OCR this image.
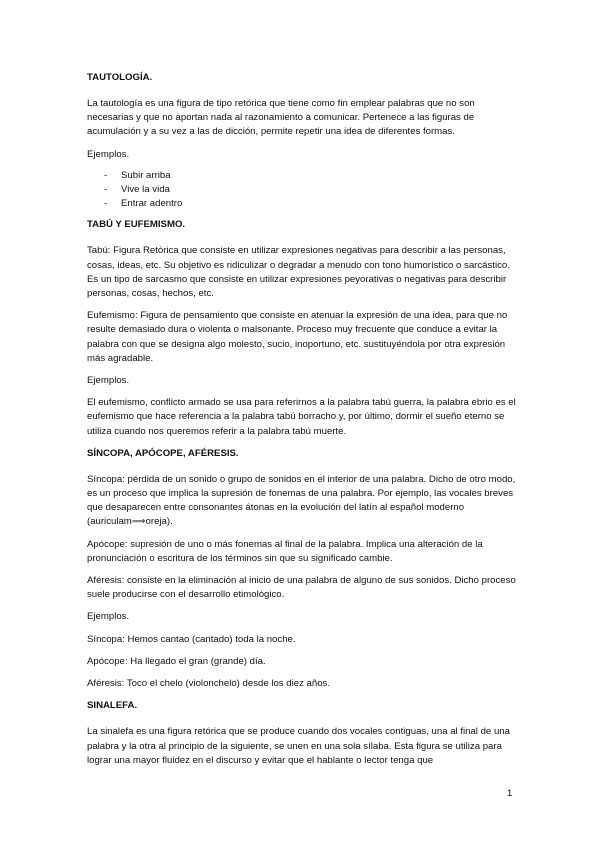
TAUTOLOGÍA.

La tautología es una figura de tipo retórica que tiene como fin emplear palabras que no son necesarias y que no aportan nada al razonamiento a comunicar. Pertenece a las figuras de acumulación y a su vez a las de dicción, permite repetir una idea de diferentes formas.

Ejemplos.

- Subir arriba
- Vive la vida
- Entrar adentro
TABÚ Y EUFEMISMO.

Tabú: Figura Retórica que consiste en utilizar expresiones negativas para describir a las personas, cosas, ideas, etc. Su objetivo es ridiculizar o degradar a menudo con tono humorístico o sarcástico. Es un tipo de sarcasmo que consiste en utilizar expresiones peyorativas o negativas para describir personas, cosas, hechos, etc.

Eufemismo: Figura de pensamiento que consiste en atenuar la expresión de una idea, para que no resulte demasiado dura o violenta o malsonante. Proceso muy frecuente que conduce a evitar la palabra con que se designa algo molesto, sucio, inoportuno, etc. sustituyéndola por otra expresión más agradable.

Ejemplos.

El eufemismo, conflicto armado se usa para referirnos a la palabra tabú guerra, la palabra ebrio es el eufemismo que hace referencia a la palabra tabú borracho y, por último, dormir el sueño eterno se utiliza cuando nos queremos referir a la palabra tabú muerte.

SÍNCOPA, APÓCOPE, AFÉRESIS.

Síncopa: pérdida de un sonido o grupo de sonidos en el interior de una palabra. Dicho de otro modo, es un proceso que implica la supresión de fonemas de una palabra. Por ejemplo, las vocales breves que desaparecen entre consonantes átonas en la evolución del latín al español moderno (auriculam⟹oreja).

Apócope: supresión de uno o más fonemas al final de la palabra. Implica una alteración de la pronunciación o escritura de los términos sin que su significado cambie.

Aféresis: consiste en la eliminación al inicio de una palabra de alguno de sus sonidos. Dicho proceso suele producirse con el desarrollo etimológico.

Ejemplos.

Síncopa: Hemos cantao (cantado) toda la noche.

Apócope: Ha llegado el gran (grande) día.

Aféresis: Toco el chelo (violonchelo) desde los diez años.

SINALEFA.

La sinalefa es una figura retórica que se produce cuando dos vocales contiguas, una al final de una palabra y la otra al principio de la siguiente, se unen en una sola sílaba. Esta figura se utiliza para lograr una mayor fluidez en el discurso y evitar que el hablante o lector tenga que

1
